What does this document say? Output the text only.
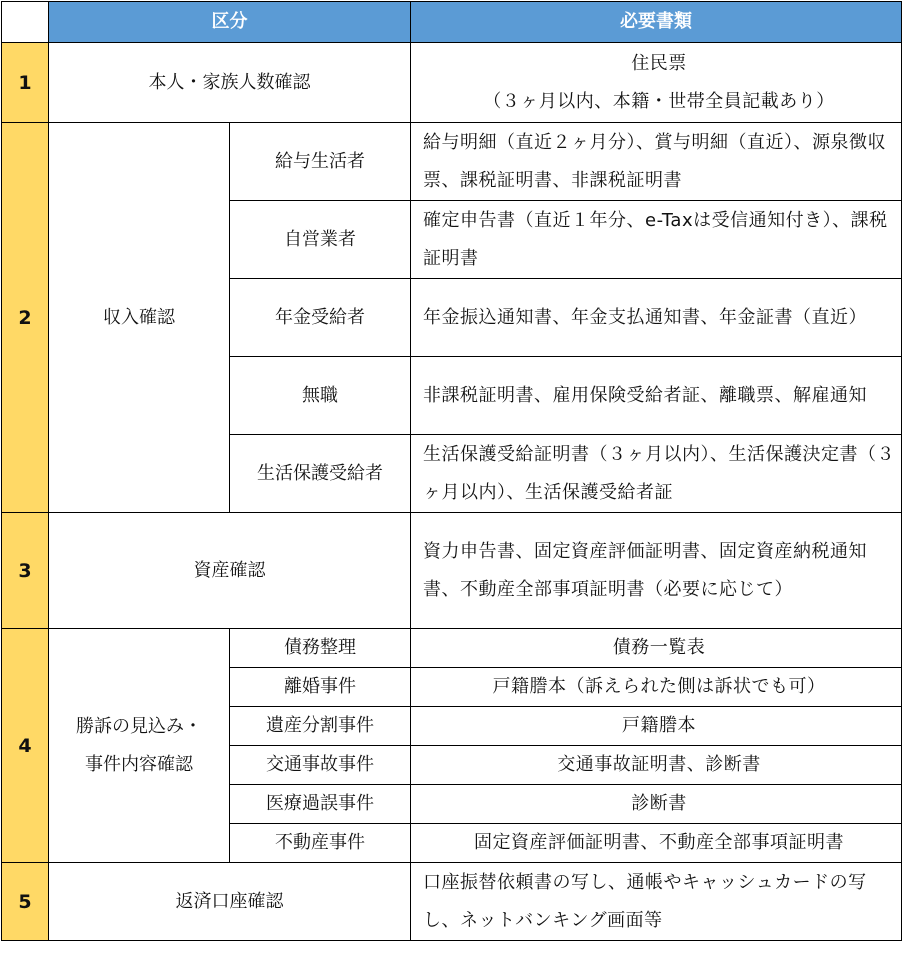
	区分		必要書類
1	本人・家族人数確認		住民票
（３ヶ月以内、本籍・世帯全員記載あり）

2	収入確認	給与生活者	給与明細（直近２ヶ月分）、賞与明細（直近）、源泉徴収票、課税証明書、非課税証明書
		自営業者	確定申告書（直近１年分、e-Taxは受信通知付き）、課税証明書
		年金受給者	年金振込通知書、年金支払通知書、年金証書（直近）
		無職	非課税証明書、雇用保険受給者証、離職票、解雇通知
		生活保護受給者	生活保護受給証明書（３ヶ月以内）、生活保護決定書（３ヶ月以内）、生活保護受給者証
3	資産確認		資力申告書、固定資産評価証明書、固定資産納税通知書、不動産全部事項証明書（必要に応じて）
4	勝訴の見込み・
事件内容確認	債務整理	債務一覧表
		離婚事件	戸籍謄本（訴えられた側は訴状でも可）
		遺産分割事件	戸籍謄本
		交通事故事件	交通事故証明書、診断書
		医療過誤事件	診断書
		不動産事件	固定資産評価証明書、不動産全部事項証明書
5	返済口座確認		口座振替依頼書の写し、通帳やキャッシュカードの写し、ネットバンキング画面等
